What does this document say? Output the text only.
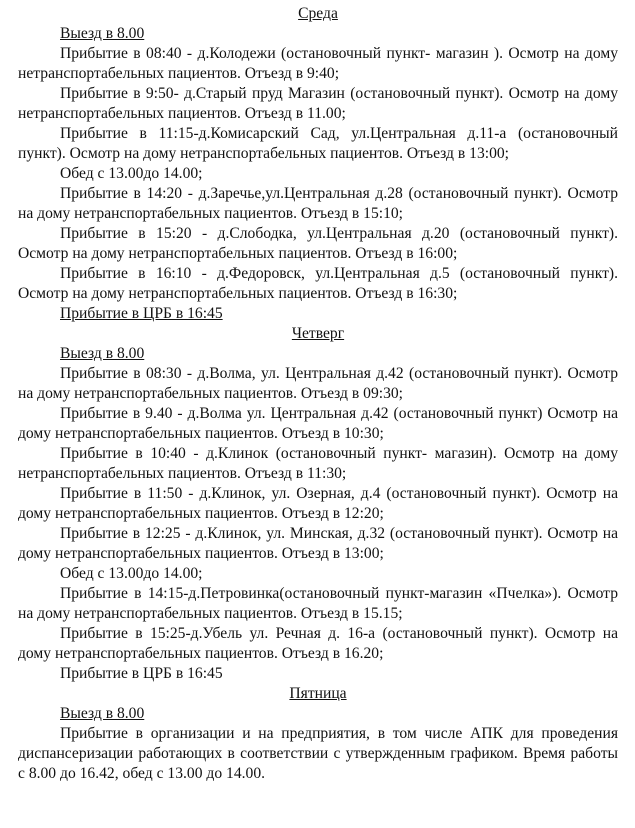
Среда

Выезд в 8.00

Прибытие в 08:40 - д.Колодежи (остановочный пункт- магазин ). Осмотр на дому нетранспортабельных пациентов. Отъезд в 9:40;

Прибытие в 9:50- д.Старый пруд Магазин (остановочный пункт). Осмотр на дому нетранспортабельных пациентов. Отъезд в 11.00;

Прибытие в 11:15-д.Комисарский Сад, ул.Центральная д.11-а (остановочный пункт). Осмотр на дому нетранспортабельных пациентов. Отъезд в 13:00;

Обед с 13.00до 14.00;

Прибытие в 14:20 - д.Заречье,ул.Центральная д.28 (остановочный пункт). Осмотр на дому нетранспортабельных пациентов. Отъезд в 15:10;

Прибытие в 15:20 - д.Слободка, ул.Центральная д.20 (остановочный пункт). Осмотр на дому нетранспортабельных пациентов. Отъезд в 16:00;

Прибытие в 16:10 - д.Федоровск, ул.Центральная д.5 (остановочный пункт). Осмотр на дому нетранспортабельных пациентов. Отъезд в 16:30;

Прибытие в ЦРБ в 16:45

Четверг

Выезд в 8.00

Прибытие в 08:30 - д.Волма, ул. Центральная д.42 (остановочный пункт). Осмотр на дому нетранспортабельных пациентов. Отъезд в 09:30;

Прибытие в 9.40 - д.Волма ул. Центральная д.42 (остановочный пункт) Осмотр на дому нетранспортабельных пациентов. Отъезд в 10:30;

Прибытие в 10:40 - д.Клинок (остановочный пункт- магазин). Осмотр на дому нетранспортабельных пациентов. Отъезд в 11:30;

Прибытие в 11:50 - д.Клинок, ул. Озерная, д.4 (остановочный пункт). Осмотр на дому нетранспортабельных пациентов. Отъезд в 12:20;

Прибытие в 12:25 - д.Клинок, ул. Минская, д.32 (остановочный пункт). Осмотр на дому нетранспортабельных пациентов. Отъезд в 13:00;

Обед с 13.00до 14.00;

Прибытие в 14:15-д.Петровинка(остановочный пункт-магазин «Пчелка»). Осмотр на дому нетранспортабельных пациентов. Отъезд в 15.15;

Прибытие в 15:25-д.Убель ул. Речная д. 16-а (остановочный пункт). Осмотр на дому нетранспортабельных пациентов. Отъезд в 16.20;

Прибытие в ЦРБ в 16:45

Пятница

Выезд в 8.00

Прибытие в организации и на предприятия, в том числе АПК для проведения диспансеризации работающих в соответствии с утвержденным графиком. Время работы с 8.00 до 16.42, обед с 13.00 до 14.00.
